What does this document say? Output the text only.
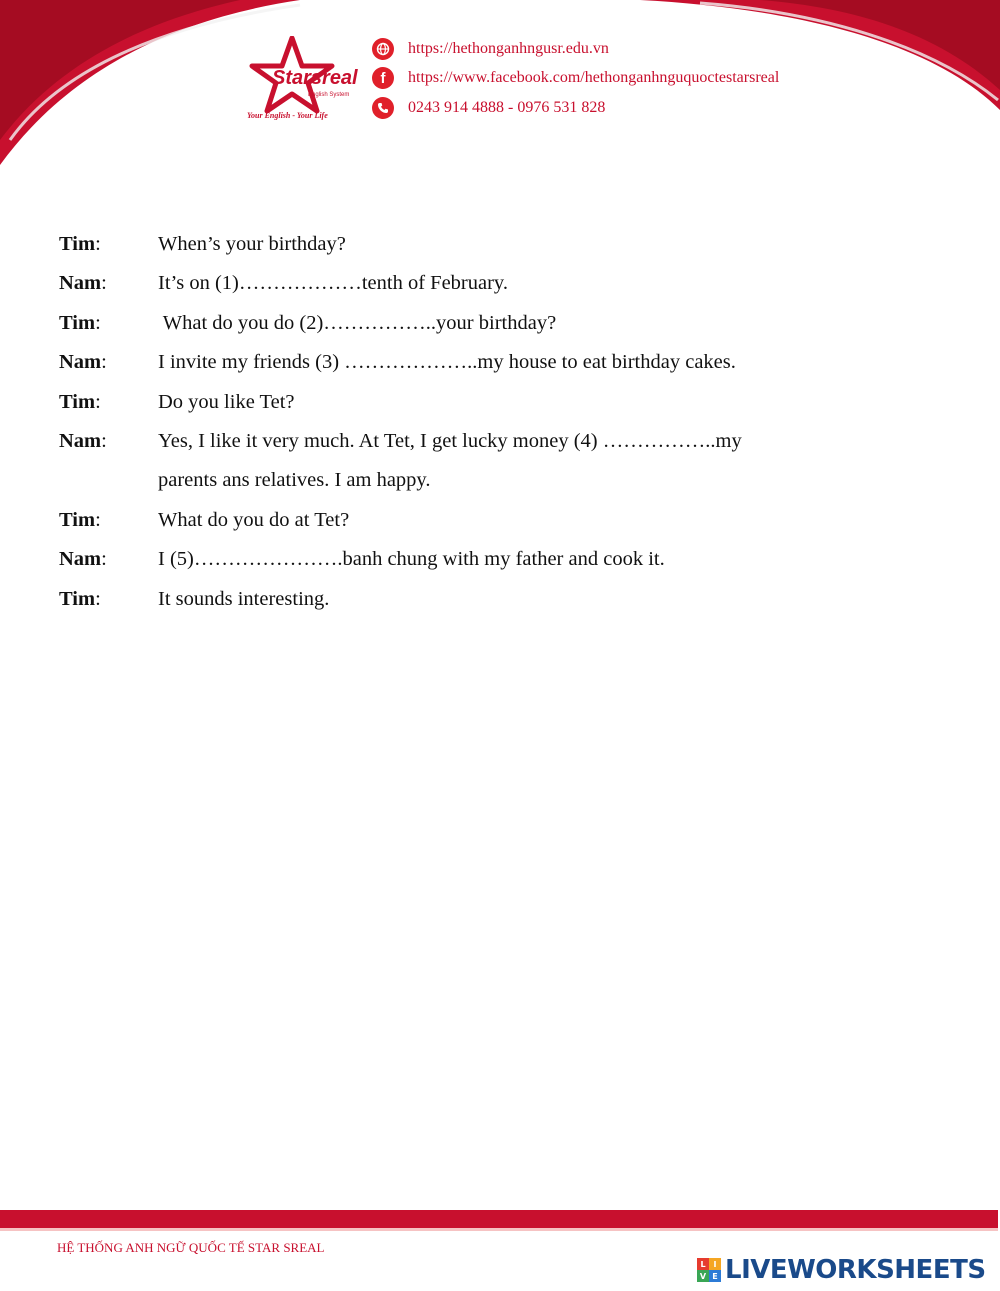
Starsreal
English System
Your English - Your Life
https://hethonganhngusr.edu.vn
f https://www.facebook.com/hethonganhnguquoctestarsreal
0243 914 4888 - 0976 531 828
Tim:	When’s your birthday?
Nam: It’s on (1)………………tenth of February.
Tim:	What do you do (2)……………..your birthday?
Nam: I invite my friends (3) ………………..my house to eat birthday cakes.
Tim:	Do you like Tet?
Nam: Yes, I like it very much. At Tet, I get lucky money (4) ……………..my
parents ans relatives. I am happy.
Tim:	What do you do at Tet?
Nam: I (5)………………….banh chung with my father and cook it.
Tim:	It sounds interesting.
HỆ THỐNG ANH NGỮ QUỐC TẾ STAR SREAL
L I
V E LIVEWORKSHEETS
